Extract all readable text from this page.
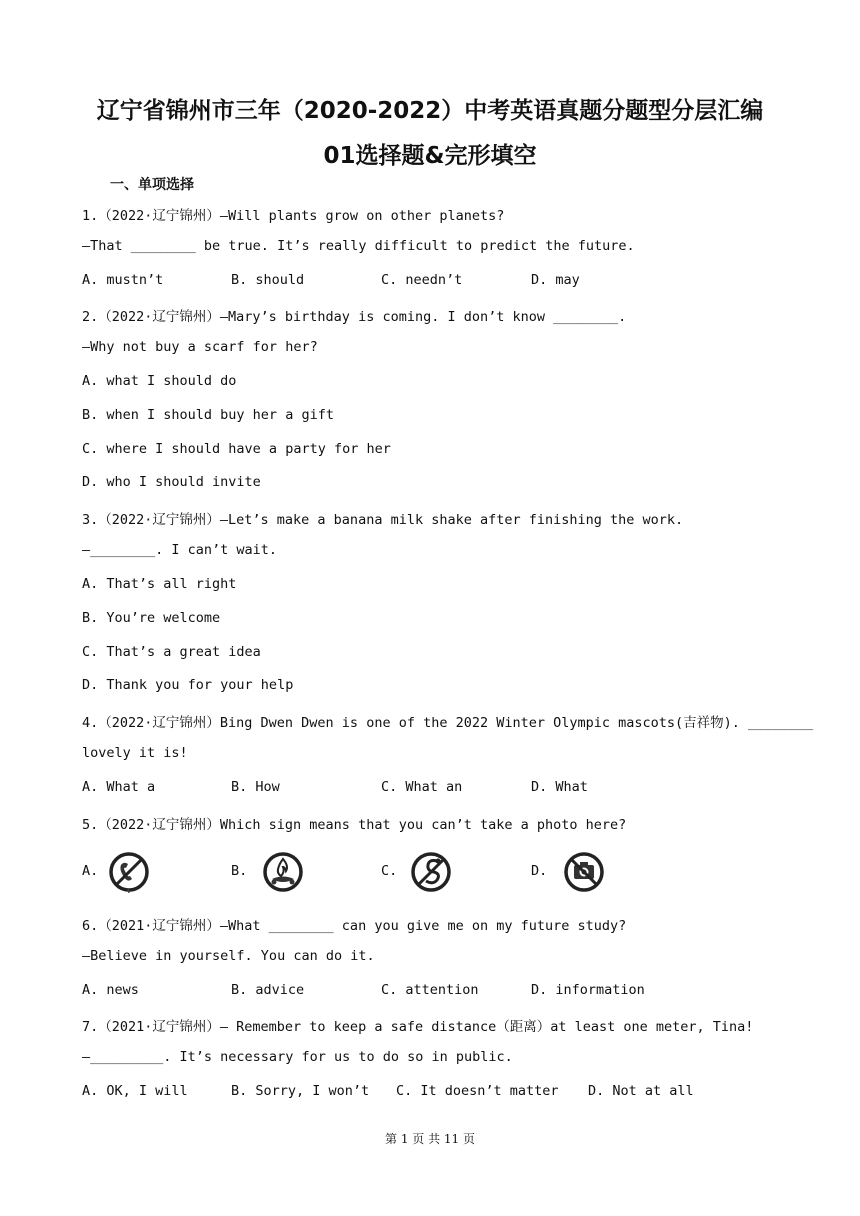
辽宁省锦州市三年（2020-2022）中考英语真题分题型分层汇编
01选择题&完形填空
一、单项选择
1.（2022·辽宁锦州）—Will plants grow on other planets?
—That ________ be true. It’s really difficult to predict the future.
A. mustn’t	B. should	C. needn’t	D. may
2.（2022·辽宁锦州）—Mary’s birthday is coming. I don’t know ________.
—Why not buy a scarf for her?
A. what I should do
B. when I should buy her a gift
C. where I should have a party for her
D. who I should invite
3.（2022·辽宁锦州）—Let’s make a banana milk shake after finishing the work.
—________. I can’t wait.
A. That’s all right
B. You’re welcome
C. That’s a great idea
D. Thank you for your help
4.（2022·辽宁锦州）Bing Dwen Dwen is one of the 2022 Winter Olympic mascots(吉祥物). ________
lovely it is!
A. What a	B. How	C. What an	D. What
5.（2022·辽宁锦州）Which sign means that you can’t take a photo here?
A.	B.	C.	D.
6.（2021·辽宁锦州）—What ________ can you give me on my future study?
—Believe in yourself. You can do it.
A. news	B. advice	C. attention	D. information
7.（2021·辽宁锦州）— Remember to keep a safe distance（距离）at least one meter, Tina!
—_________. It’s necessary for us to do so in public.
A. OK, I will	B. Sorry, I won’t C. It doesn’t matter D. Not at all
第 1 页 共 11 页
